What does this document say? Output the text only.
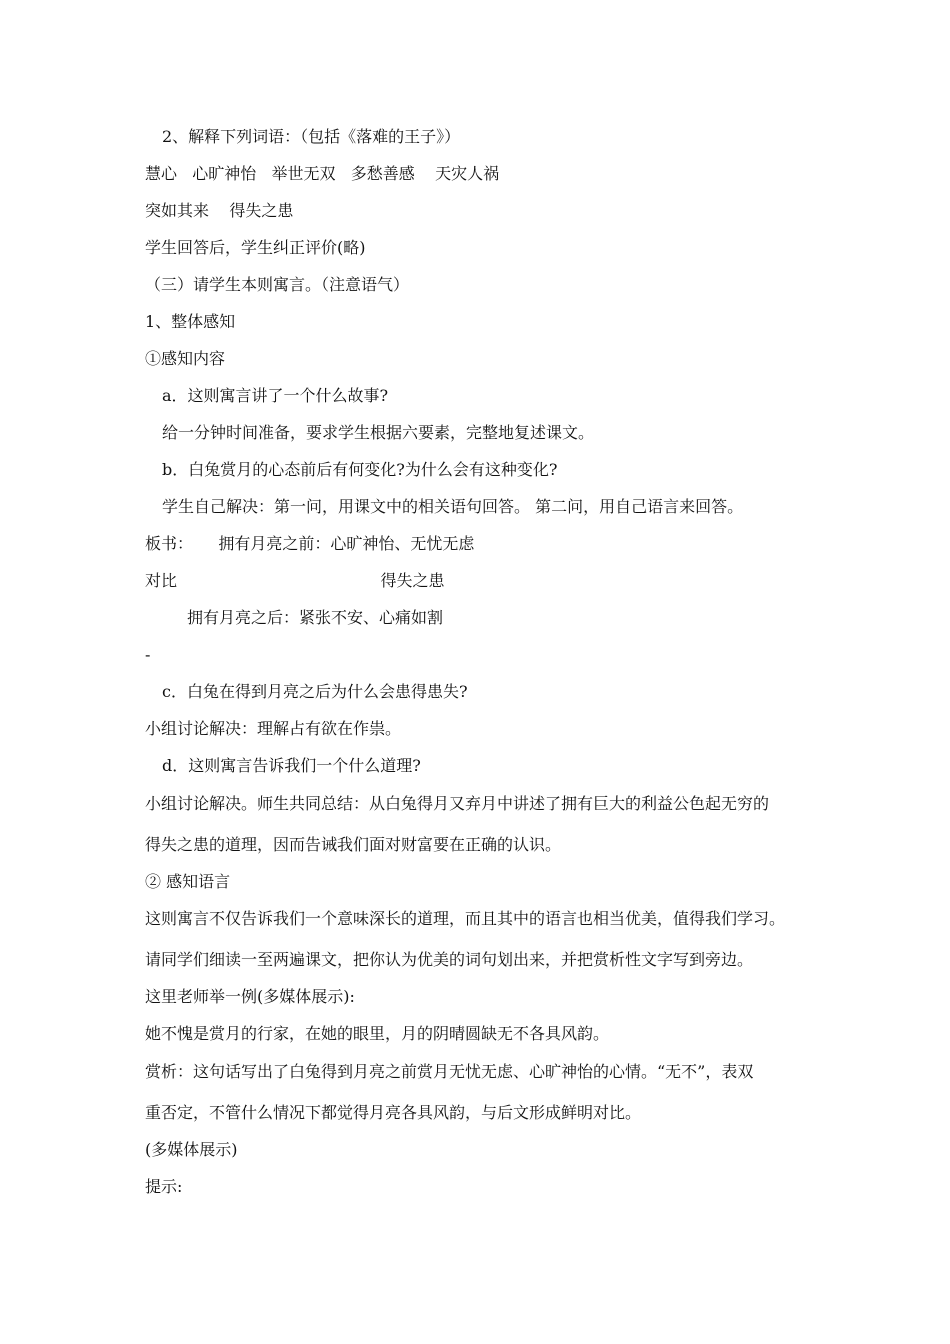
2、解释下列词语：（包括《落难的王子》）
慧心   心旷神怡   举世无双   多愁善感    天灾人祸
突如其来    得失之患
学生回答后，学生纠正评价(略)
（三）请学生本则寓言。（注意语气）
1、整体感知
①感知内容
a．这则寓言讲了一个什么故事?
给一分钟时间准备，要求学生根据六要素，完整地复述课文。
b．白兔赏月的心态前后有何变化?为什么会有这种变化?
学生自己解决：第一问，用课文中的相关语句回答。 第二问，用自己语言来回答。
板书：     拥有月亮之前：心旷神怡、无忧无虑
对比                                        得失之患
拥有月亮之后：紧张不安、心痛如割
-
c．白兔在得到月亮之后为什么会患得患失?
小组讨论解决：理解占有欲在作祟。
d．这则寓言告诉我们一个什么道理?
小组讨论解决。师生共同总结：从白兔得月又弃月中讲述了拥有巨大的利益公色起无穷的
得失之患的道理，因而告诫我们面对财富要在正确的认识。
② 感知语言
这则寓言不仅告诉我们一个意味深长的道理，而且其中的语言也相当优美，值得我们学习。
请同学们细读一至两遍课文，把你认为优美的词句划出来，并把赏析性文字写到旁边。
这里老师举一例(多媒体展示):
她不愧是赏月的行家，在她的眼里，月的阴晴圆缺无不各具风韵。
赏析：这句话写出了白兔得到月亮之前赏月无忧无虑、心旷神怡的心情。“无不”，表双
重否定，不管什么情况下都觉得月亮各具风韵，与后文形成鲜明对比。
(多媒体展示)
提示:
